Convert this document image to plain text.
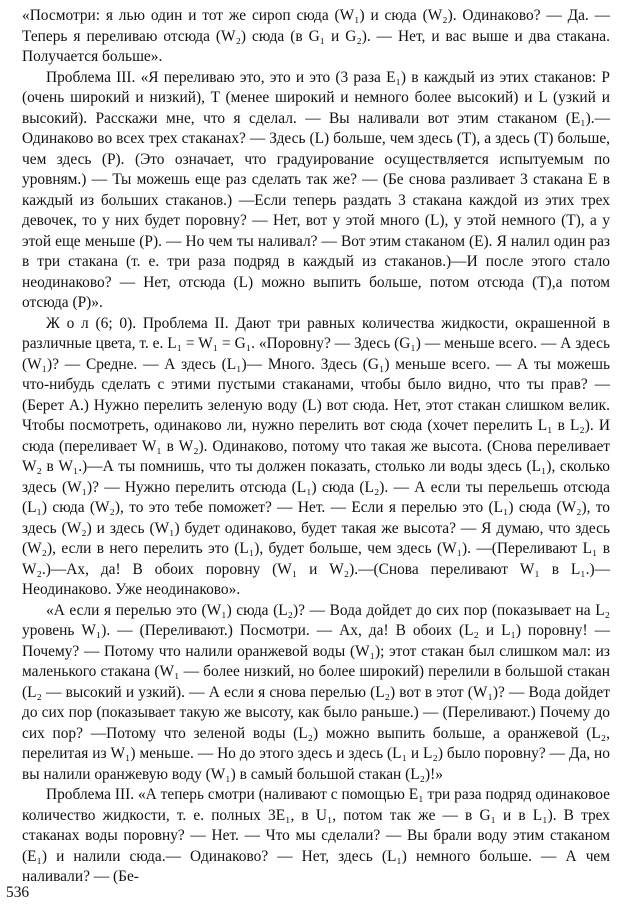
«Посмотри: я лью один и тот же сироп сюда (W₁) и сюда (W₂). Одинаково? — Да. — Теперь я переливаю отсюда (W₂) сюда (в G₁ и G₂). — Нет, и вас выше и два стакана. Получается больше».

Проблема III. «Я переливаю это, это и это (3 раза E₁) в каждый из этих стаканов: P (очень широкий и низкий), T (менее широкий и немного более высокий) и L (узкий и высокий). Расскажи мне, что я сделал. — Вы наливали вот этим стаканом (E₁).— Одинаково во всех трех стаканах? — Здесь (L) больше, чем здесь (T), а здесь (T) больше, чем здесь (P). (Это означает, что градуирование осуществляется испытуемым по уровням.) — Ты можешь еще раз сделать так же? — (Бе снова разливает 3 стакана E в каждый из больших стаканов.) —Если теперь раздать 3 стакана каждой из этих трех девочек, то у них будет поровну? — Нет, вот у этой много (L), у этой немного (T), а у этой еще меньше (P). — Но чем ты наливал? — Вот этим стаканом (E). Я налил один раз в три стакана (т. е. три раза подряд в каждый из стаканов.)—И после этого стало неодинаково? — Нет, отсюда (L) можно выпить больше, потом отсюда (T),а потом отсюда (P)».

Ж о л (6; 0). Проблема II. Дают три равных количества жидкости, окрашенной в различные цвета, т. е. L₁ = W₁ = G₁. «Поровну? — Здесь (G₁) — меньше всего. — А здесь (W₁)? — Средне. — А здесь (L₁)— Много. Здесь (G₁) меньше всего. — А ты можешь что-нибудь сделать с этими пустыми стаканами, чтобы было видно, что ты прав? — (Берет A.) Нужно перелить зеленую воду (L) вот сюда. Нет, этот стакан слишком велик. Чтобы посмотреть, одинаково ли, нужно перелить вот сюда (хочет перелить L₁ в L₂). И сюда (переливает W₁ в W₂). Одинаково, потому что такая же высота. (Снова переливает W₂ в W₁.)—А ты помнишь, что ты должен показать, столько ли воды здесь (L₁), сколько здесь (W₁)? — Нужно перелить отсюда (L₁) сюда (L₂). — А если ты перельешь отсюда (L₁) сюда (W₂), то это тебе поможет? — Нет. — Если я перелью это (L₁) сюда (W₂), то здесь (W₂) и здесь (W₁) будет одинаково, будет такая же высота? — Я думаю, что здесь (W₂), если в него перелить это (L₁), будет больше, чем здесь (W₁). —(Переливают L₁ в W₂.)—Ах, да! В обоих поровну (W₁ и W₂).—(Снова переливают W₁ в L₁.)—Неодинаково. Уже неодинаково».

«А если я перелью это (W₁) сюда (L₂)? — Вода дойдет до сих пор (показывает на L₂ уровень W₁). — (Переливают.) Посмотри. — Ах, да! В обоих (L₂ и L₁) поровну! — Почему? — Потому что налили оранжевой воды (W₁); этот стакан был слишком мал: из маленького стакана (W₁ — более низкий, но более широкий) перелили в большой стакан (L₂ — высокий и узкий). — А если я снова перелью (L₂) вот в этот (W₁)? — Вода дойдет до сих пор (показывает такую же высоту, как было раньше.) — (Переливают.) Почему до сих пор? —Потому что зеленой воды (L₂) можно выпить больше, а оранжевой (L₂, перелитая из W₁) меньше. — Но до этого здесь и здесь (L₁ и L₂) было поровну? — Да, но вы налили оранжевую воду (W₁) в самый большой стакан (L₂)!»

Проблема III. «А теперь смотри (наливают с помощью E₁ три раза подряд одинаковое количество жидкости, т. е. полных 3E₁, в U₁, потом так же — в G₁ и в L₁). В трех стаканах воды поровну? — Нет. — Что мы сделали? — Вы брали воду этим стаканом (E₁) и налили сюда.— Одинаково? — Нет, здесь (L₁) немного больше. — А чем наливали? — (Бе-

536
